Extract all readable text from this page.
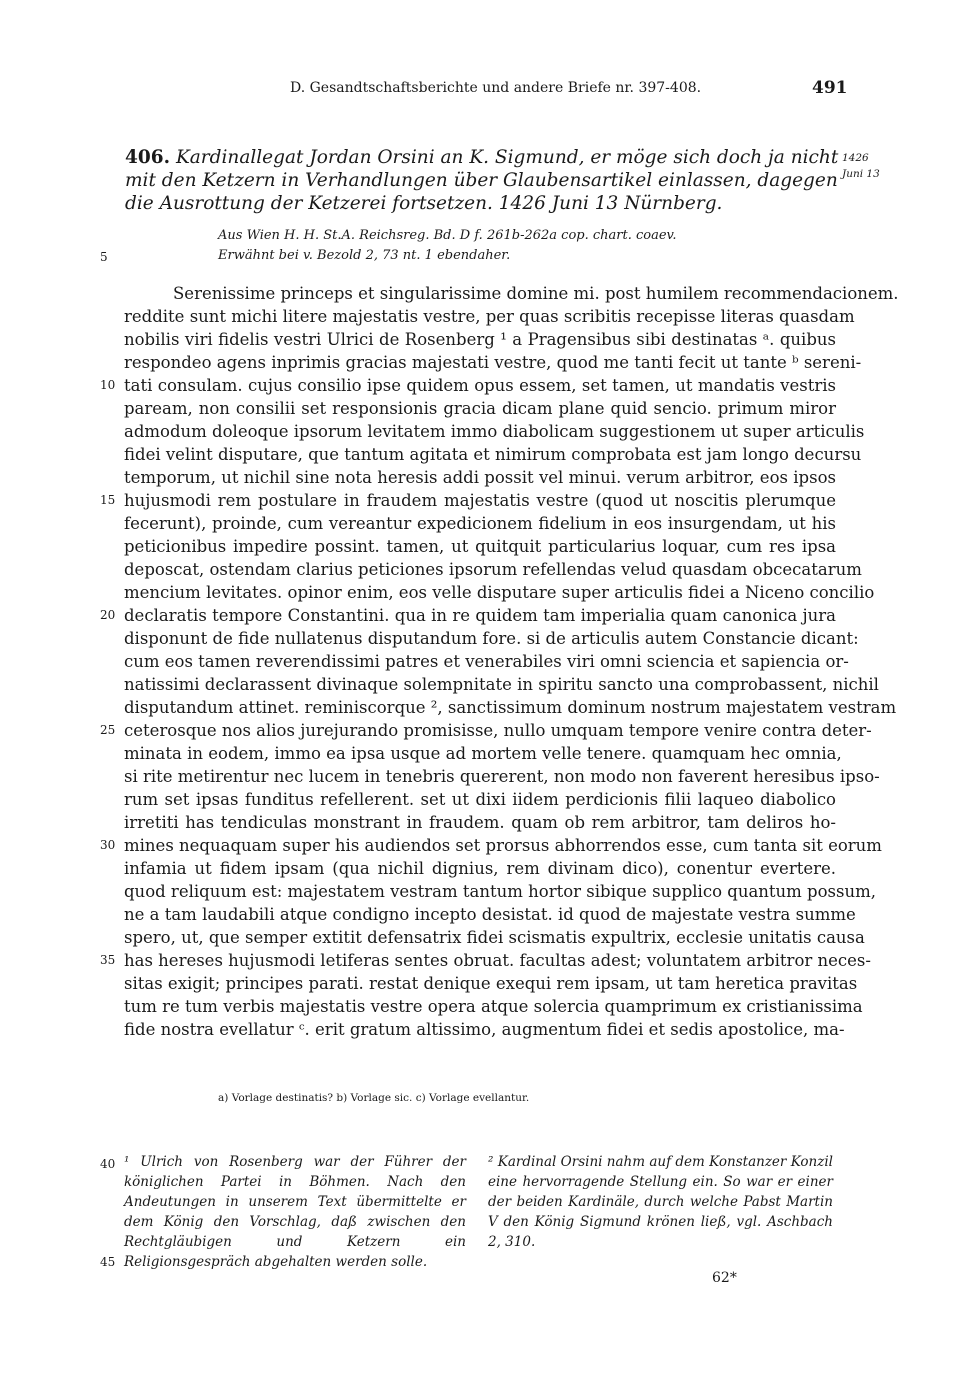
D. Gesandtschaftsberichte und andere Briefe nr. 397-408.	491
406. Kardinallegat Jordan Orsini an K. Sigmund, er möge sich doch ja nicht mit den Ketzern in Verhandlungen über Glaubensartikel einlassen, dagegen die Ausrottung der Ketzerei fortsetzen. 1426 Juni 13 Nürnberg.
1426
Juni 13
Aus Wien H. H. St.A. Reichsreg. Bd. D f. 261b-262a cop. chart. coaev.
Erwähnt bei v. Bezold 2, 73 nt. 1 ebendaher.
5
Serenissime princeps et singularissime domine mi. post humilem recommendacionem.
reddite sunt michi litere majestatis vestre, per quas scribitis recepisse literas quasdam
nobilis viri fidelis vestri Ulrici de Rosenberg ¹ a Pragensibus sibi destinatas ᵃ. quibus
respondeo agens inprimis gracias majestati vestre, quod me tanti fecit ut tante ᵇ sereni-
tati consulam. cujus consilio ipse quidem opus essem, set tamen, ut mandatis vestris
paream, non consilii set responsionis gracia dicam plane quid sencio. primum miror
admodum doleoque ipsorum levitatem immo diabolicam suggestionem ut super articulis
fidei velint disputare, que tantum agitata et nimirum comprobata est jam longo decursu
temporum, ut nichil sine nota heresis addi possit vel minui. verum arbitror, eos ipsos
hujusmodi rem postulare in fraudem majestatis vestre (quod ut noscitis plerumque
fecerunt), proinde, cum vereantur expedicionem fidelium in eos insurgendam, ut his
peticionibus impedire possint. tamen, ut quitquit particularius loquar, cum res ipsa
deposcat, ostendam clarius peticiones ipsorum refellendas velud quasdam obcecatarum
mencium levitates. opinor enim, eos velle disputare super articulis fidei a Niceno concilio
declaratis tempore Constantini. qua in re quidem tam imperialia quam canonica jura
disponunt de fide nullatenus disputandum fore. si de articulis autem Constancie dicant:
cum eos tamen reverendissimi patres et venerabiles viri omni sciencia et sapiencia or-
natissimi declarassent divinaque solempnitate in spiritu sancto una comprobassent, nichil
disputandum attinet. reminiscorque ², sanctissimum dominum nostrum majestatem vestram
ceterosque nos alios jurejurando promisisse, nullo umquam tempore venire contra deter-
minata in eodem, immo ea ipsa usque ad mortem velle tenere. quamquam hec omnia,
si rite metirentur nec lucem in tenebris quererent, non modo non faverent heresibus ipso-
rum set ipsas funditus refellerent. set ut dixi iidem perdicionis filii laqueo diabolico
irretiti has tendiculas monstrant in fraudem. quam ob rem arbitror, tam deliros ho-
mines nequaquam super his audiendos set prorsus abhorrendos esse, cum tanta sit eorum
infamia ut fidem ipsam (qua nichil dignius, rem divinam dico), conentur evertere.
quod reliquum est: majestatem vestram tantum hortor sibique supplico quantum possum,
ne a tam laudabili atque condigno incepto desistat. id quod de majestate vestra summe
spero, ut, que semper extitit defensatrix fidei scismatis expultrix, ecclesie unitatis causa
has hereses hujusmodi letiferas sentes obruat. facultas adest; voluntatem arbitror neces-
sitas exigit; principes parati. restat denique exequi rem ipsam, ut tam heretica pravitas
tum re tum verbis majestatis vestre opera atque solercia quamprimum ex cristianissima
fide nostra evellatur ᶜ. erit gratum altissimo, augmentum fidei et sedis apostolice, ma-
10
15
20
25
30
35
a) Vorlage destinatis? b) Vorlage sic. c) Vorlage evellantur.
40
45
¹ Ulrich von Rosenberg war der Führer der königlichen Partei in Böhmen. Nach den Andeutungen in unserem Text übermittelte er dem König den Vorschlag, daß zwischen den Rechtgläubigen und Ketzern ein Religionsgespräch abgehalten werden solle.
² Kardinal Orsini nahm auf dem Konstanzer Konzil eine hervorragende Stellung ein. So war er einer der beiden Kardinäle, durch welche Pabst Martin V den König Sigmund krönen ließ, vgl. Aschbach 2, 310.
62*
